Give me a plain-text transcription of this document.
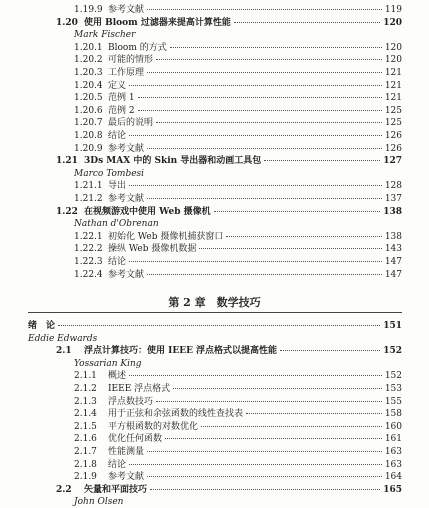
1.19.9 参考文献	119
1.20 使用 Bloom 过滤器来提高计算性能	120
Mark Fischer
1.20.1 Bloom 的方式	120
1.20.2 可能的情形	120
1.20.3 工作原理	121
1.20.4 定义	121
1.20.5 范例 1	121
1.20.6 范例 2	125
1.20.7 最后的说明	125
1.20.8 结论	126
1.20.9 参考文献	126
1.21 3Ds MAX 中的 Skin 导出器和动画工具包	127
Marco Tombesi
1.21.1 导出	128
1.21.2 参考文献	137
1.22 在视频游戏中使用 Web 摄像机	138
Nathan d'Obrenan
1.22.1 初始化 Web 摄像机捕获窗口	138
1.22.2 操纵 Web 摄像机数据	143
1.22.3 结论	147
1.22.4 参考文献	147
第 2 章　数学技巧
绪　论	151
Eddie Edwards
2.1	浮点计算技巧：使用 IEEE 浮点格式以提高性能	152
Yossarian King
2.1.1	概述	152
2.1.2	IEEE 浮点格式	153
2.1.3	浮点数技巧	155
2.1.4	用于正弦和余弦函数的线性查找表	158
2.1.5	平方根函数的对数优化	160
2.1.6	优化任何函数	161
2.1.7	性能测量	163
2.1.8	结论	163
2.1.9	参考文献	164
2.2	矢量和平面技巧	165
John Olsen
